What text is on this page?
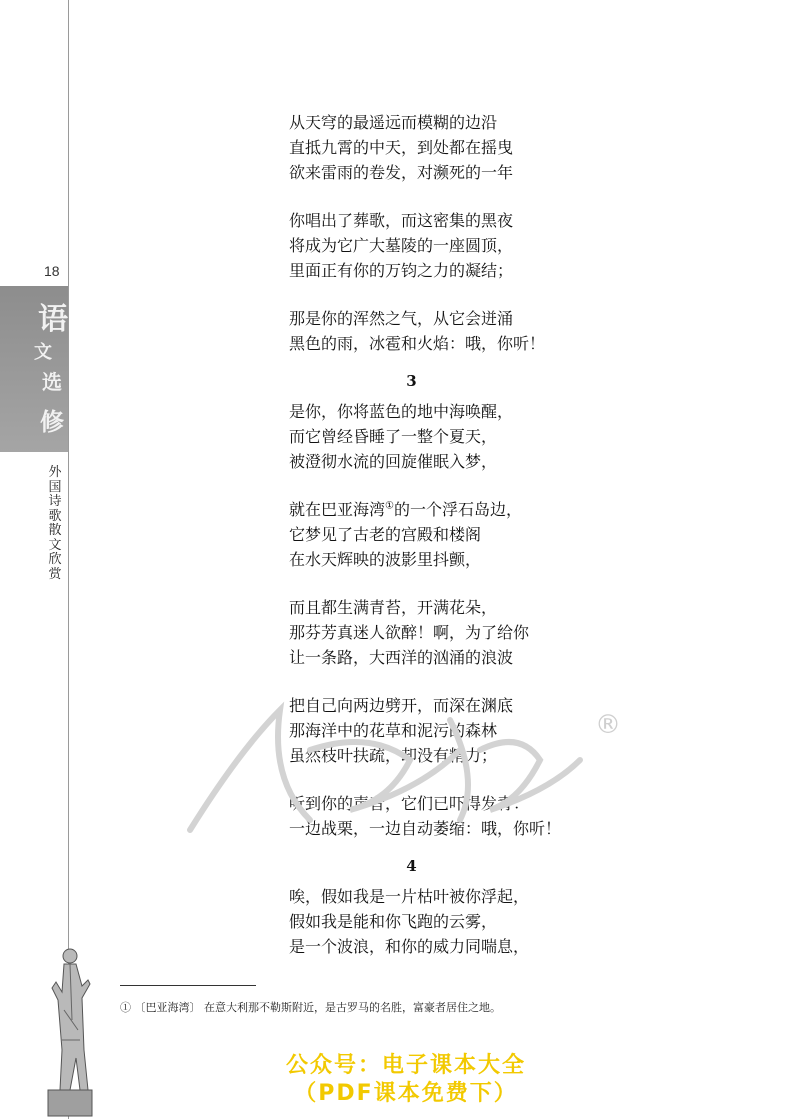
18
语
文
选
修
外
国
诗
歌
散
文
欣
赏
从天穹的最遥远而模糊的边沿
直抵九霄的中天，到处都在摇曳
欲来雷雨的卷发，对濒死的一年
你唱出了葬歌，而这密集的黑夜
将成为它广大墓陵的一座圆顶，
里面正有你的万钧之力的凝结；
那是你的浑然之气，从它会迸涌
黑色的雨，冰雹和火焰：哦，你听！
3
是你，你将蓝色的地中海唤醒，
而它曾经昏睡了一整个夏天，
被澄彻水流的回旋催眠入梦，
就在巴亚海湾①的一个浮石岛边，
它梦见了古老的宫殿和楼阁
在水天辉映的波影里抖颤，
而且都生满青苔，开满花朵，
那芬芳真迷人欲醉！啊，为了给你
让一条路，大西洋的汹涌的浪波
把自己向两边劈开，而深在渊底
那海洋中的花草和泥污的森林
虽然枝叶扶疏，却没有精力；
听到你的声音，它们已吓得发青：
一边战栗，一边自动萎缩：哦，你听！
4
唉，假如我是一片枯叶被你浮起，
假如我是能和你飞跑的云雾，
是一个波浪，和你的威力同喘息，
®
① 〔巴亚海湾〕 在意大利那不勒斯附近，是古罗马的名胜，富豪者居住之地。
公众号：电子课本大全
（PDF课本免费下）
